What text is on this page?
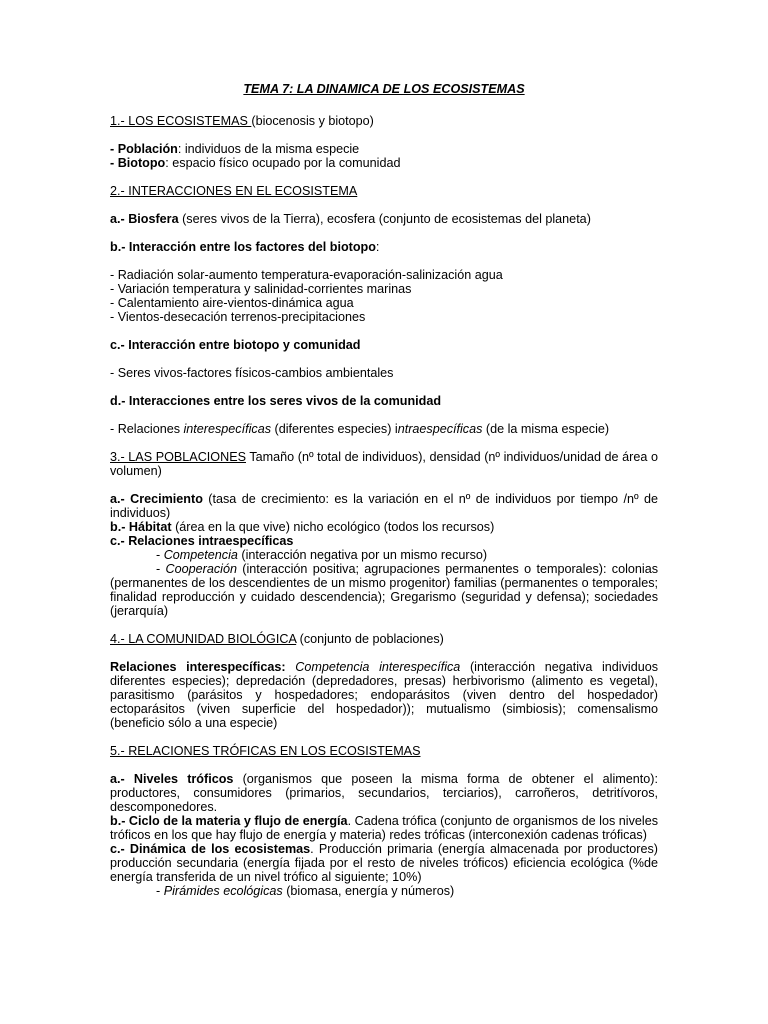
TEMA 7: LA DINAMICA DE LOS ECOSISTEMAS

1.- LOS ECOSISTEMAS (biocenosis y biotopo)

- Población: individuos de la misma especie

- Biotopo: espacio físico ocupado por la comunidad

2.- INTERACCIONES EN EL ECOSISTEMA

a.- Biosfera (seres vivos de la Tierra), ecosfera (conjunto de ecosistemas del planeta)

b.- Interacción entre los factores del biotopo:

- Radiación solar-aumento temperatura-evaporación-salinización agua

- Variación temperatura y salinidad-corrientes marinas

- Calentamiento aire-vientos-dinámica agua

- Vientos-desecación terrenos-precipitaciones

c.- Interacción entre biotopo y comunidad

- Seres vivos-factores físicos-cambios ambientales

d.- Interacciones entre los seres vivos de la comunidad

- Relaciones interespecíficas (diferentes especies) intraespecíficas (de la misma especie)

3.- LAS POBLACIONES Tamaño (nº total de individuos), densidad (nº individuos/unidad de área o volumen)

a.- Crecimiento (tasa de crecimiento: es la variación en el nº de individuos por tiempo /nº de individuos)

b.- Hábitat (área en la que vive) nicho ecológico (todos los recursos)

c.- Relaciones intraespecíficas

- Competencia (interacción negativa por un mismo recurso)

- Cooperación (interacción positiva; agrupaciones permanentes o temporales): colonias (permanentes de los descendientes de un mismo progenitor) familias (permanentes o temporales; finalidad reproducción y cuidado descendencia); Gregarismo (seguridad y defensa); sociedades (jerarquía)

4.- LA COMUNIDAD BIOLÓGICA (conjunto de poblaciones)

Relaciones interespecíficas: Competencia interespecífica (interacción negativa individuos diferentes especies); depredación (depredadores, presas) herbivorismo (alimento es vegetal), parasitismo (parásitos y hospedadores; endoparásitos (viven dentro del hospedador) ectoparásitos (viven superficie del hospedador)); mutualismo (simbiosis); comensalismo (beneficio sólo a una especie)

5.- RELACIONES TRÓFICAS EN LOS ECOSISTEMAS

a.- Niveles tróficos (organismos que poseen la misma forma de obtener el alimento): productores, consumidores (primarios, secundarios, terciarios), carroñeros, detritívoros, descomponedores.

b.- Ciclo de la materia y flujo de energía. Cadena trófica (conjunto de organismos de los niveles tróficos en los que hay flujo de energía y materia) redes tróficas (interconexión cadenas tróficas)

c.- Dinámica de los ecosistemas. Producción primaria (energía almacenada por productores) producción secundaria (energía fijada por el resto de niveles tróficos) eficiencia ecológica (%de energía transferida de un nivel trófico al siguiente; 10%)

- Pirámides ecológicas (biomasa, energía y números)
